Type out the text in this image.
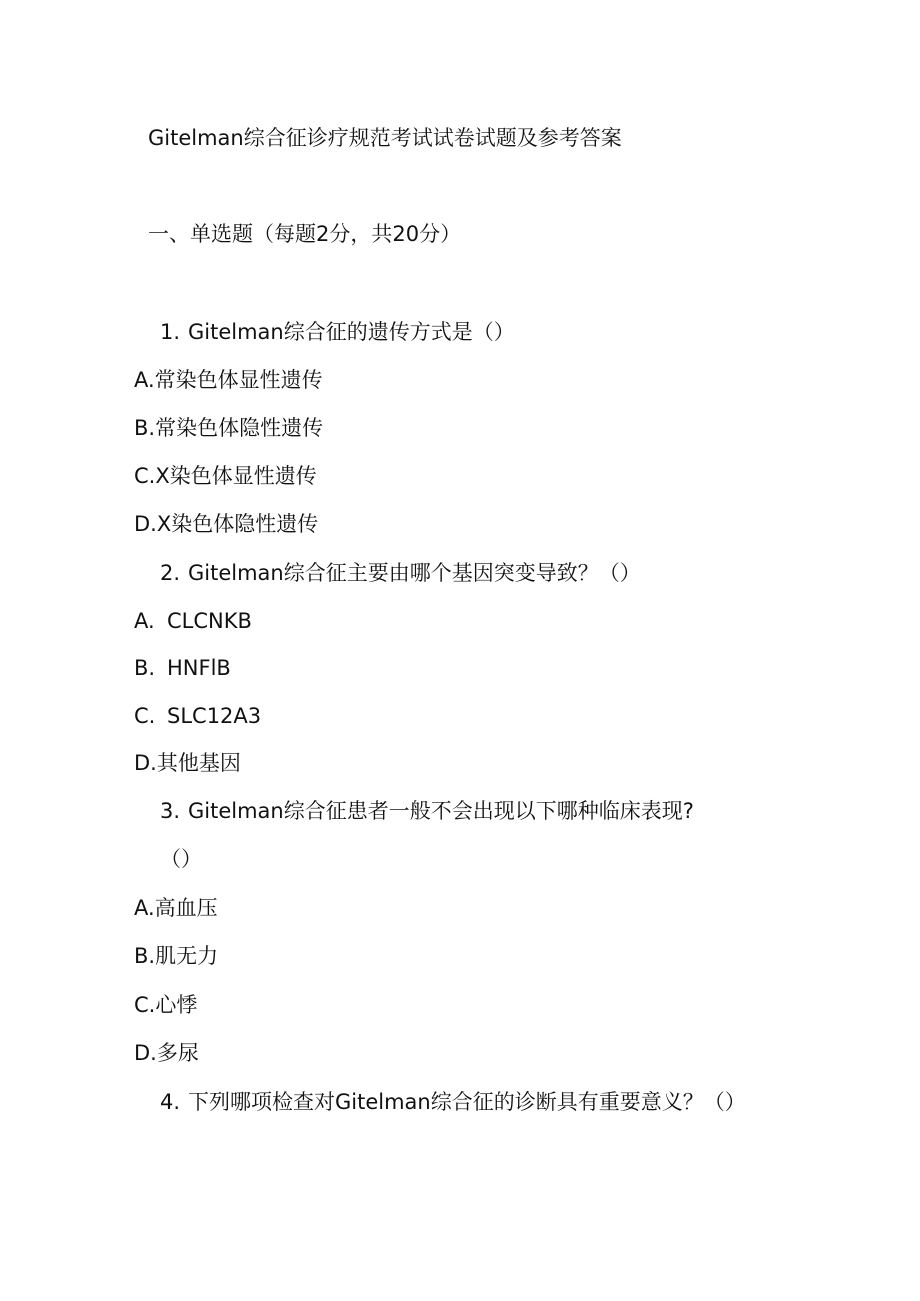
Gitelman综合征诊疗规范考试试卷试题及参考答案
一、单选题（每题2分，共20分）
1. Gitelman综合征的遗传方式是（）
A.常染色体显性遗传
B.常染色体隐性遗传
C.X染色体显性遗传
D.X染色体隐性遗传
2. Gitelman综合征主要由哪个基因突变导致？（）
A. CLCNKB
B. HNFlB
C. SLC12A3
D.其他基因
3. Gitelman综合征患者一般不会出现以下哪种临床表现?
（）
A.高血压
B.肌无力
C.心悸
D.多尿
4. 下列哪项检查对Gitelman综合征的诊断具有重要意义？（）
